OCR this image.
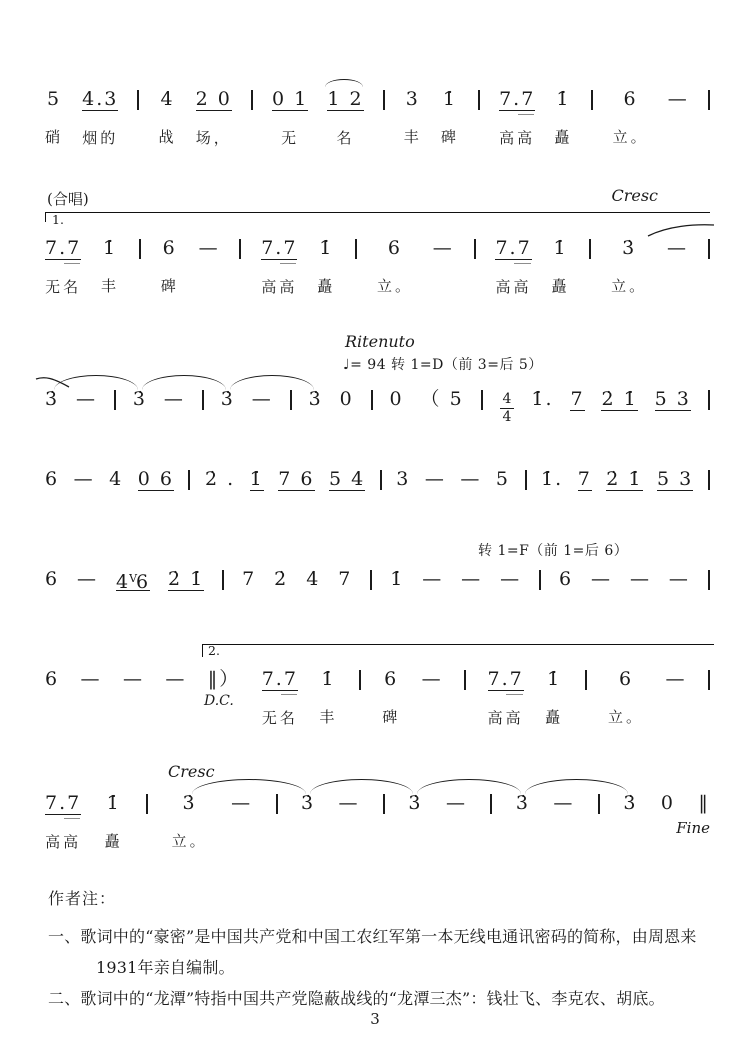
5
硝
4.3
烟的
4
战
2 0
场，
0 1
无
1 2
名
3
丰
1̇
碑
7.7
高高
1̇
矗
6
立。
—
(合唱)	Cresc
1.
7.7
无名
1̇
丰
6
碑
— 7.7
高高
1̇
矗
6
立。
— 7.7
高高
1̇
矗
3̇
立。
—
Ritenuto
♩= 94 转 1=D（前 3=后 5）
3̇ — 3̇ — 3̇ — 3̇ 0 0 （ 5	$\frac{4}{4}$ 1̇. 7 2̇ 1̇ 5 3
6 — 4 0 6 2̇ . 1̇ 7 6 5 4 3 — — 5 1̇. 7 2̇ 1̇ 5 3
转 1=F（前 1=后 6）
6 — $4^V6$ 2̇ 1̇ 7 2̇ 4̇ 7 1̇ — — — 6 — — —
2.
D.C.
6 — — — ‖） 7.7
无名
1̇
丰
6
碑
— 7.7
高高
1̇
矗
6
立。
—
Cresc
Fine
7.7
高高
1̇
矗
3̇
立。
—	3̇ —	3̇ —	3̇ —	3̇ 0 ‖
作者注：
一、歌词中的“豪密”是中国共产党和中国工农红军第一本无线电通讯密码的简称，由周恩来
1931年亲自编制。
二、歌词中的“龙潭”特指中国共产党隐蔽战线的“龙潭三杰”：钱壮飞、李克农、胡底。
3
